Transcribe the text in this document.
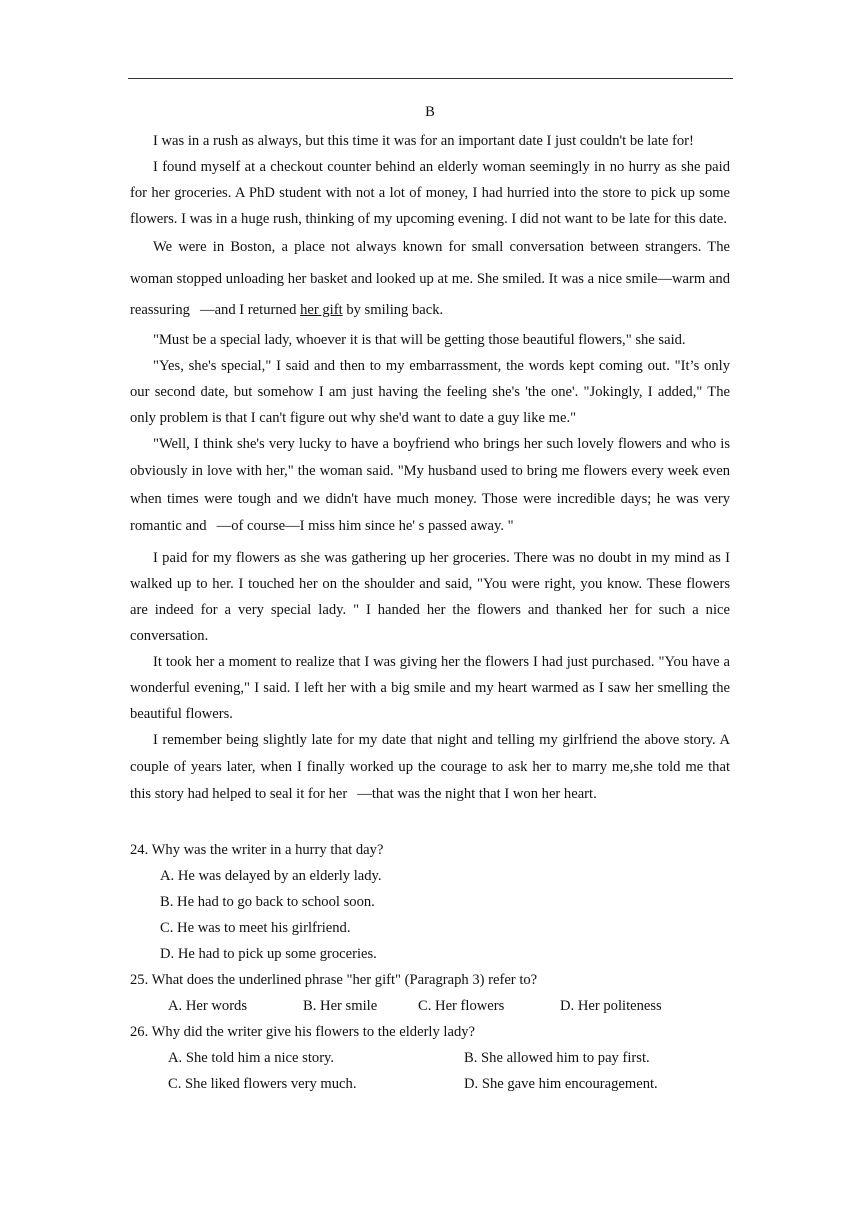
B

I was in a rush as always, but this time it was for an important date I just couldn't be late for!

I found myself at a checkout counter behind an elderly woman seemingly in no hurry as she paid for her groceries. A PhD student with not a lot of money, I had hurried into the store to pick up some flowers. I was in a huge rush, thinking of my upcoming evening. I did not want to be late for this date.

We were in Boston, a place not always known for small conversation between strangers. The woman stopped unloading her basket and looked up at me. She smiled. It was a nice smile—warm and reassuring —and I returned her gift by smiling back.

"Must be a special lady, whoever it is that will be getting those beautiful flowers," she said.

"Yes, she's special," I said and then to my embarrassment, the words kept coming out. "It’s only our second date, but somehow I am just having the feeling she's 'the one'. "Jokingly, I added," The only problem is that I can't figure out why she'd want to date a guy like me."

"Well, I think she's very lucky to have a boyfriend who brings her such lovely flowers and who is obviously in love with her," the woman said. "My husband used to bring me flowers every week even when times were tough and we didn't have much money. Those were incredible days; he was very romantic and —of course—I miss him since he' s passed away. "

I paid for my flowers as she was gathering up her groceries. There was no doubt in my mind as I walked up to her. I touched her on the shoulder and said, "You were right, you know. These flowers are indeed for a very special lady. " I handed her the flowers and thanked her for such a nice conversation.

It took her a moment to realize that I was giving her the flowers I had just purchased. "You have a wonderful evening," I said. I left her with a big smile and my heart warmed as I saw her smelling the beautiful flowers.

I remember being slightly late for my date that night and telling my girlfriend the above story. A couple of years later, when I finally worked up the courage to ask her to marry me,she told me that this story had helped to seal it for her —that was the night that I won her heart.

24. Why was the writer in a hurry that day?

A. He was delayed by an elderly lady.

B. He had to go back to school soon.

C. He was to meet his girlfriend.

D. He had to pick up some groceries.

25. What does the underlined phrase "her gift" (Paragraph 3) refer to?

A. Her words	B. Her smile	C. Her flowers	D. Her politeness

26. Why did the writer give his flowers to the elderly lady?

A. She told him a nice story.	B. She allowed him to pay first.
C. She liked flowers very much.	D. She gave him encouragement.
